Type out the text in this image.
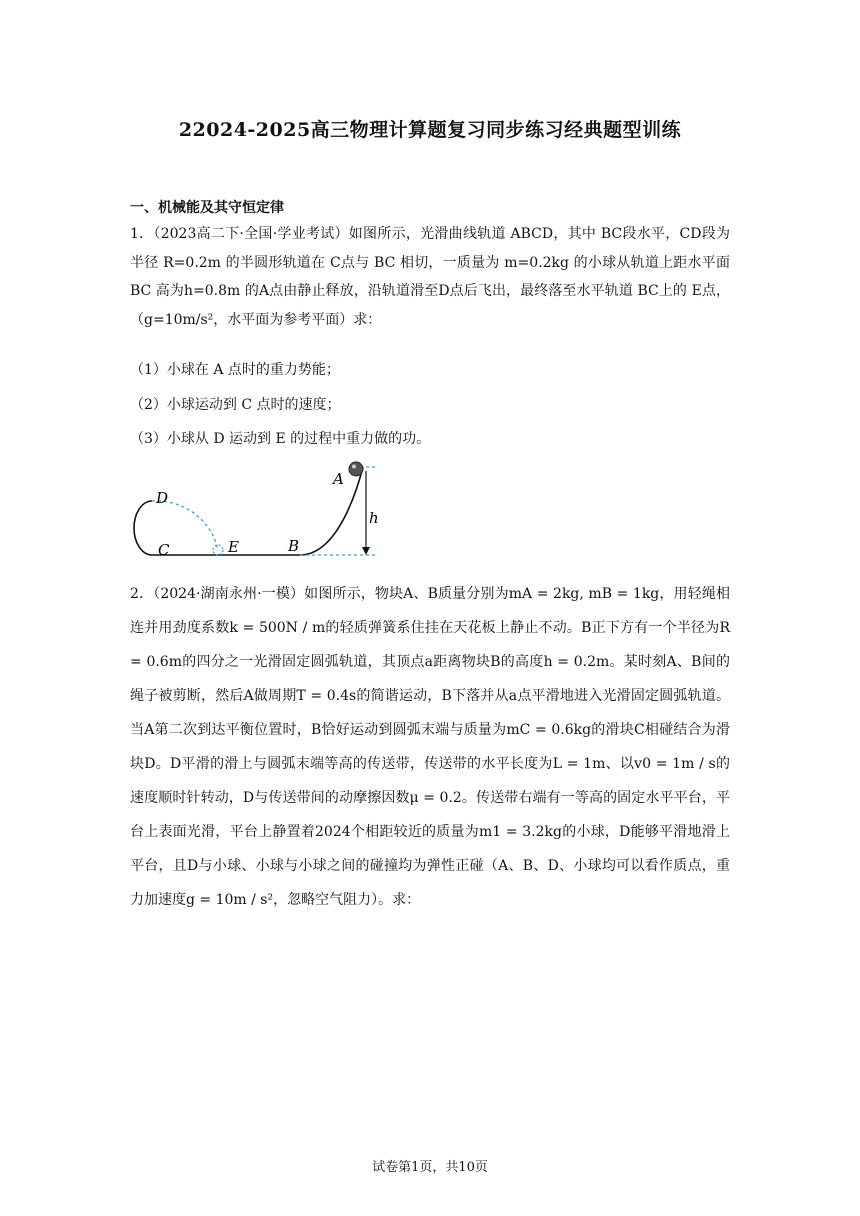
22024-2025高三物理计算题复习同步练习经典题型训练
一、机械能及其守恒定律
1．（2023高二下·全国·学业考试）如图所示，光滑曲线轨道 ABCD，其中 BC段水平，CD段为半径 R=0.2m 的半圆形轨道在 C点与 BC 相切，一质量为 m=0.2kg 的小球从轨道上距水平面 BC 高为h=0.8m 的A点由静止释放，沿轨道滑至D点后飞出，最终落至水平轨道 BC上的 E点，（g=10m/s²，水平面为参考平面）求：
（1）小球在 A 点时的重力势能；
（2）小球运动到 C 点时的速度；
（3）小球从 D 运动到 E 的过程中重力做的功。
D
C	E	B
A
h
2．（2024·湖南永州·一模）如图所示，物块A、B质量分别为mA = 2kg, mB = 1kg，用轻绳相连并用劲度系数k = 500N / m的轻质弹簧系住挂在天花板上静止不动。B正下方有一个半径为R = 0.6m的四分之一光滑固定圆弧轨道，其顶点a距离物块B的高度h = 0.2m。某时刻A、B间的绳子被剪断，然后A做周期T = 0.4s的简谐运动，B下落并从a点平滑地进入光滑固定圆弧轨道。当A第二次到达平衡位置时，B恰好运动到圆弧末端与质量为mC = 0.6kg的滑块C相碰结合为滑块D。D平滑的滑上与圆弧末端等高的传送带，传送带的水平长度为L = 1m、以v0 = 1m / s的速度顺时针转动，D与传送带间的动摩擦因数μ = 0.2。传送带右端有一等高的固定水平平台，平台上表面光滑，平台上静置着2024个相距较近的质量为m1 = 3.2kg的小球，D能够平滑地滑上平台，且D与小球、小球与小球之间的碰撞均为弹性正碰（A、B、D、小球均可以看作质点，重力加速度g = 10m / s²，忽略空气阻力）。求：
试卷第1页，共10页
